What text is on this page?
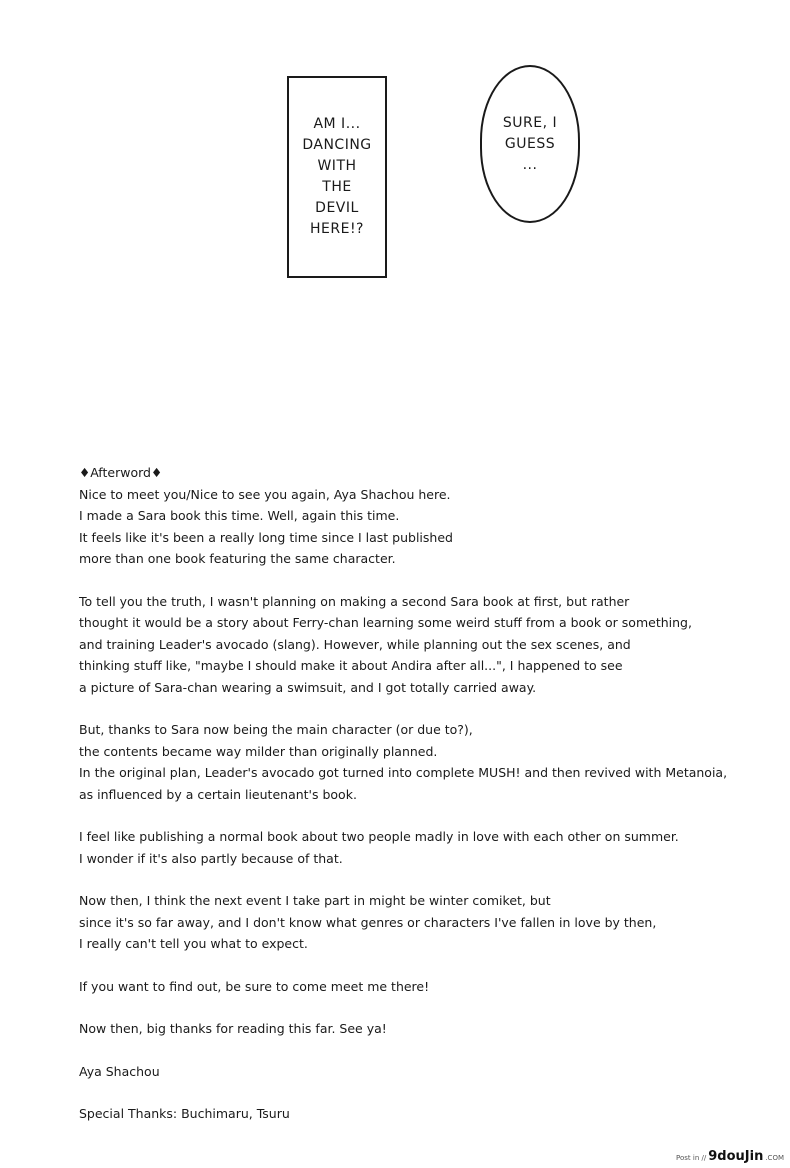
AM I...
DANCING
WITH
THE
DEVIL
HERE!?

SURE, I
GUESS
...

♦Afterword♦
Nice to meet you/Nice to see you again, Aya Shachou here.
I made a Sara book this time. Well, again this time.
It feels like it's been a really long time since I last published
more than one book featuring the same character.
To tell you the truth, I wasn't planning on making a second Sara book at first, but rather
thought it would be a story about Ferry-chan learning some weird stuff from a book or something,
and training Leader's avocado (slang). However, while planning out the sex scenes, and
thinking stuff like, "maybe I should make it about Andira after all...", I happened to see
a picture of Sara-chan wearing a swimsuit, and I got totally carried away.
But, thanks to Sara now being the main character (or due to?),
the contents became way milder than originally planned.
In the original plan, Leader's avocado got turned into complete MUSH! and then revived with Metanoia,
as influenced by a certain lieutenant's book.
I feel like publishing a normal book about two people madly in love with each other on summer.
I wonder if it's also partly because of that.
Now then, I think the next event I take part in might be winter comiket, but
since it's so far away, and I don't know what genres or characters I've fallen in love by then,
I really can't tell you what to expect.
If you want to find out, be sure to come meet me there!
Now then, big thanks for reading this far. See ya!
Aya Shachou
Special Thanks: Buchimaru, Tsuru
Post in // 9douJin .COM
